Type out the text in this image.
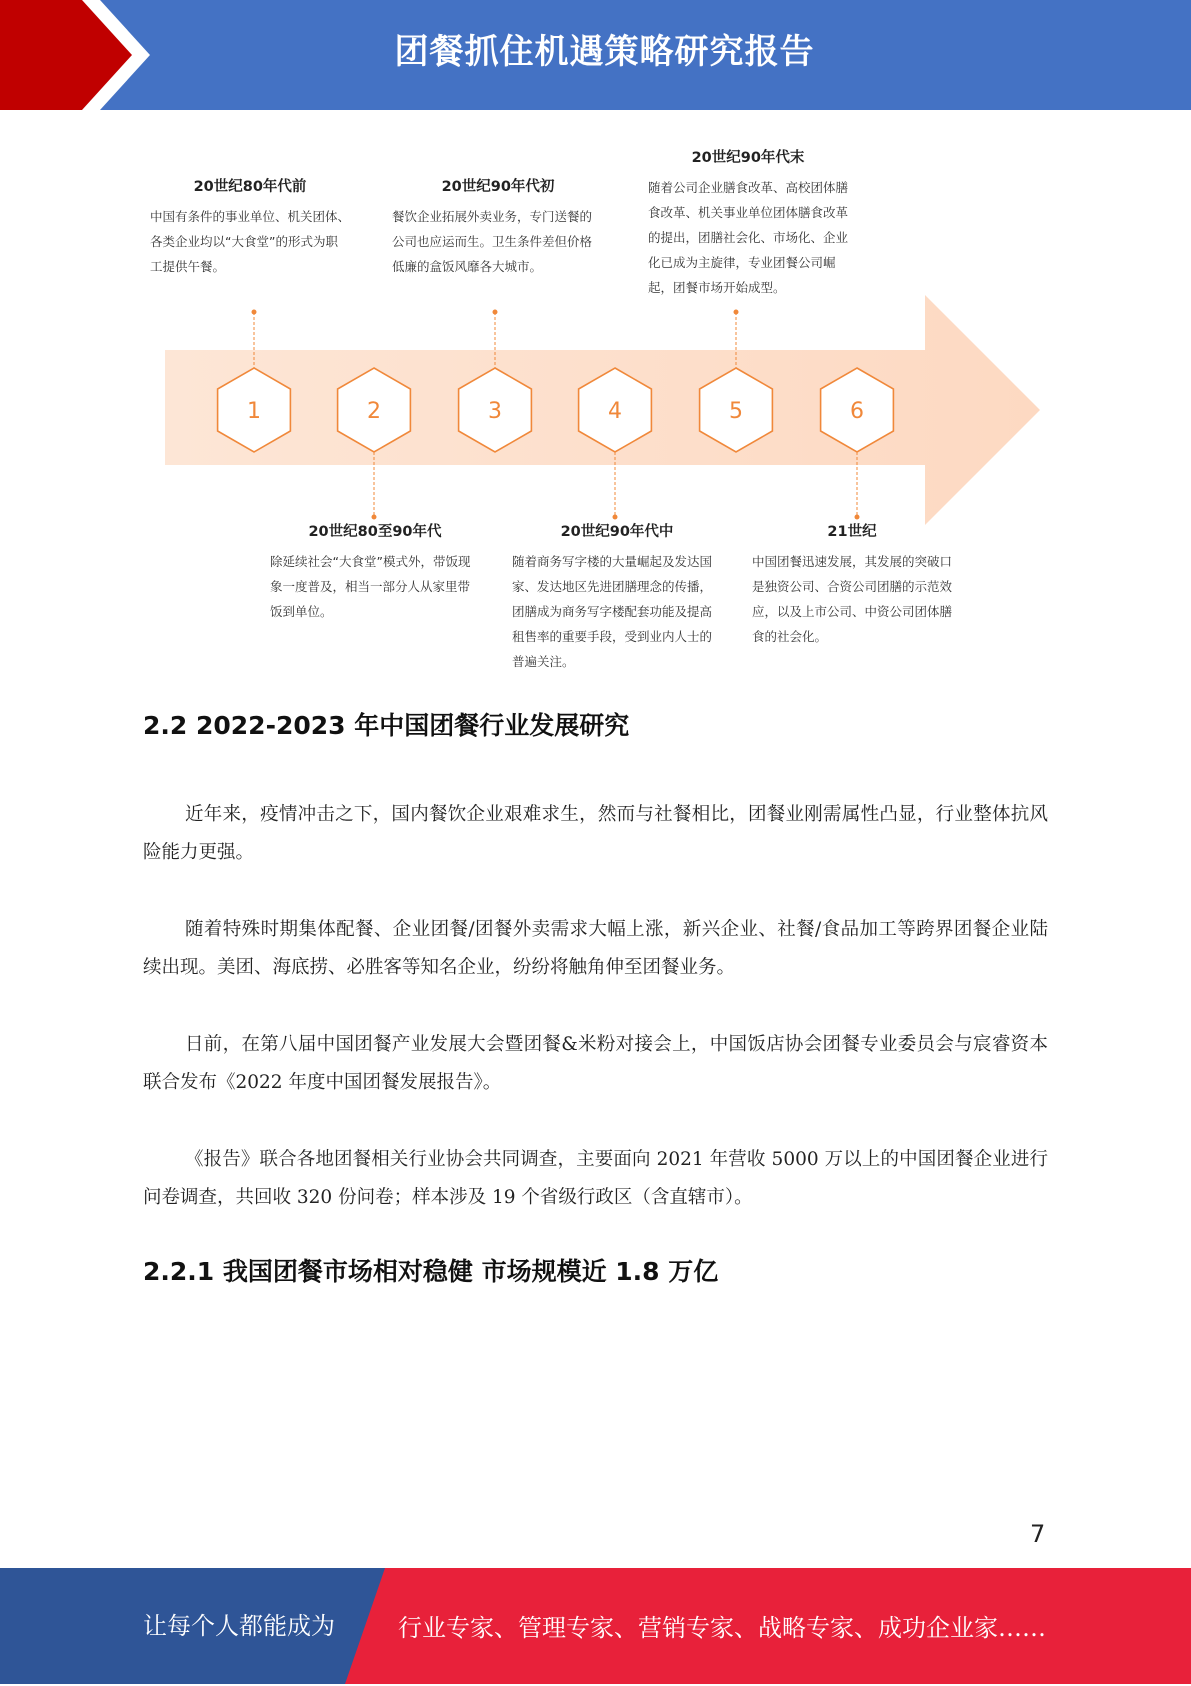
团餐抓住机遇策略研究报告
1	2	3	4	5	6
20世纪80年代前
中国有条件的事业单位、机关团体、各类企业均以“大食堂”的形式为职工提供午餐。
20世纪90年代初
餐饮企业拓展外卖业务，专门送餐的公司也应运而生。卫生条件差但价格低廉的盒饭风靡各大城市。
20世纪90年代末
随着公司企业膳食改革、高校团体膳食改革、机关事业单位团体膳食改革的提出，团膳社会化、市场化、企业化已成为主旋律，专业团餐公司崛起，团餐市场开始成型。
20世纪80至90年代
除延续社会“大食堂”模式外，带饭现象一度普及，相当一部分人从家里带饭到单位。
20世纪90年代中
随着商务写字楼的大量崛起及发达国家、发达地区先进团膳理念的传播，团膳成为商务写字楼配套功能及提高租售率的重要手段，受到业内人士的普遍关注。
21世纪
中国团餐迅速发展，其发展的突破口是独资公司、合资公司团膳的示范效应，以及上市公司、中资公司团体膳食的社会化。
2.2 2022-2023 年中国团餐行业发展研究

近年来，疫情冲击之下，国内餐饮企业艰难求生，然而与社餐相比，团餐业刚需属性凸显，行业整体抗风险能力更强。

随着特殊时期集体配餐、企业团餐/团餐外卖需求大幅上涨，新兴企业、社餐/食品加工等跨界团餐企业陆续出现。美团、海底捞、必胜客等知名企业，纷纷将触角伸至团餐业务。

日前，在第八届中国团餐产业发展大会暨团餐&米粉对接会上，中国饭店协会团餐专业委员会与宸睿资本联合发布《2022 年度中国团餐发展报告》。

《报告》联合各地团餐相关行业协会共同调查，主要面向 2021 年营收 5000 万以上的中国团餐企业进行问卷调查，共回收 320 份问卷；样本涉及 19 个省级行政区（含直辖市）。

2.2.1 我国团餐市场相对稳健 市场规模近 1.8 万亿
7
让每个人都能成为	行业专家、管理专家、营销专家、战略专家、成功企业家……
